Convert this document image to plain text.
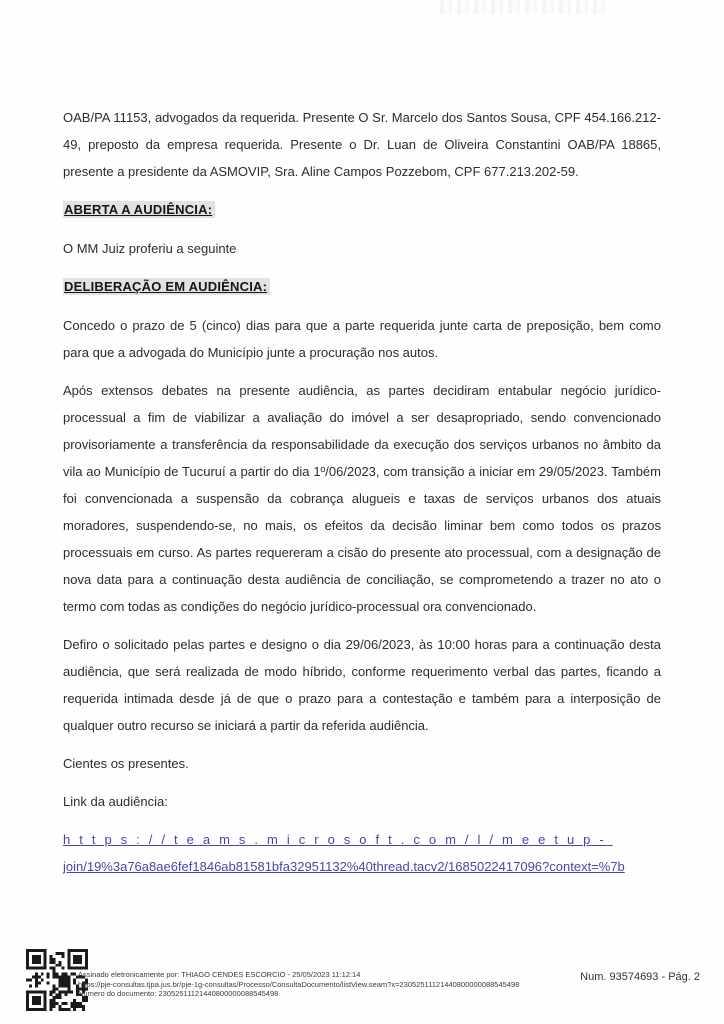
OAB/PA 11153, advogados da requerida. Presente O Sr. Marcelo dos Santos Sousa, CPF 454.166.212-49, preposto da empresa requerida. Presente o Dr. Luan de Oliveira Constantini OAB/PA 18865, presente a presidente da ASMOVIP, Sra. Aline Campos Pozzebom, CPF 677.213.202-59.

ABERTA A AUDIÊNCIA:

O MM Juiz proferiu a seguinte

DELIBERAÇÃO EM AUDIÊNCIA:

Concedo o prazo de 5 (cinco) dias para que a parte requerida junte carta de preposição, bem como para que a advogada do Município junte a procuração nos autos.

Após extensos debates na presente audiência, as partes decidiram entabular negócio jurídico-processual a fim de viabilizar a avaliação do imóvel a ser desapropriado, sendo convencionado provisoriamente a transferência da responsabilidade da execução dos serviços urbanos no âmbito da vila ao Município de Tucuruí a partir do dia 1º/06/2023, com transição a iniciar em 29/05/2023. Também foi convencionada a suspensão da cobrança alugueis e taxas de serviços urbanos dos atuais moradores, suspendendo-se, no mais, os efeitos da decisão liminar bem como todos os prazos processuais em curso. As partes requereram a cisão do presente ato processual, com a designação de nova data para a continuação desta audiência de conciliação, se comprometendo a trazer no ato o termo com todas as condições do negócio jurídico-processual ora convencionado.

Defiro o solicitado pelas partes e designo o dia 29/06/2023, às 10:00 horas para a continuação desta audiência, que será realizada de modo híbrido, conforme requerimento verbal das partes, ficando a requerida intimada desde já de que o prazo para a contestação e também para a interposição de qualquer outro recurso se iniciará a partir da referida audiência.

Cientes os presentes.

Link da audiência:

https://teams.microsoft.com/l/meetup-
join/19%3a76a8ae6fef1846ab81581bfa32951132%40thread.tacv2/1685022417096?context=%7b

Assinado eletronicamente por: THIAGO CENDES ESCORCIO - 25/05/2023 11:12:14
https://pje-consultas.tjpa.jus.br/pje-1g-consultas/Processo/ConsultaDocumento/listView.seam?x=23052511121440800000088545498
Número do documento: 23052511121440800000088545498
Num. 93574693 - Pág. 2
